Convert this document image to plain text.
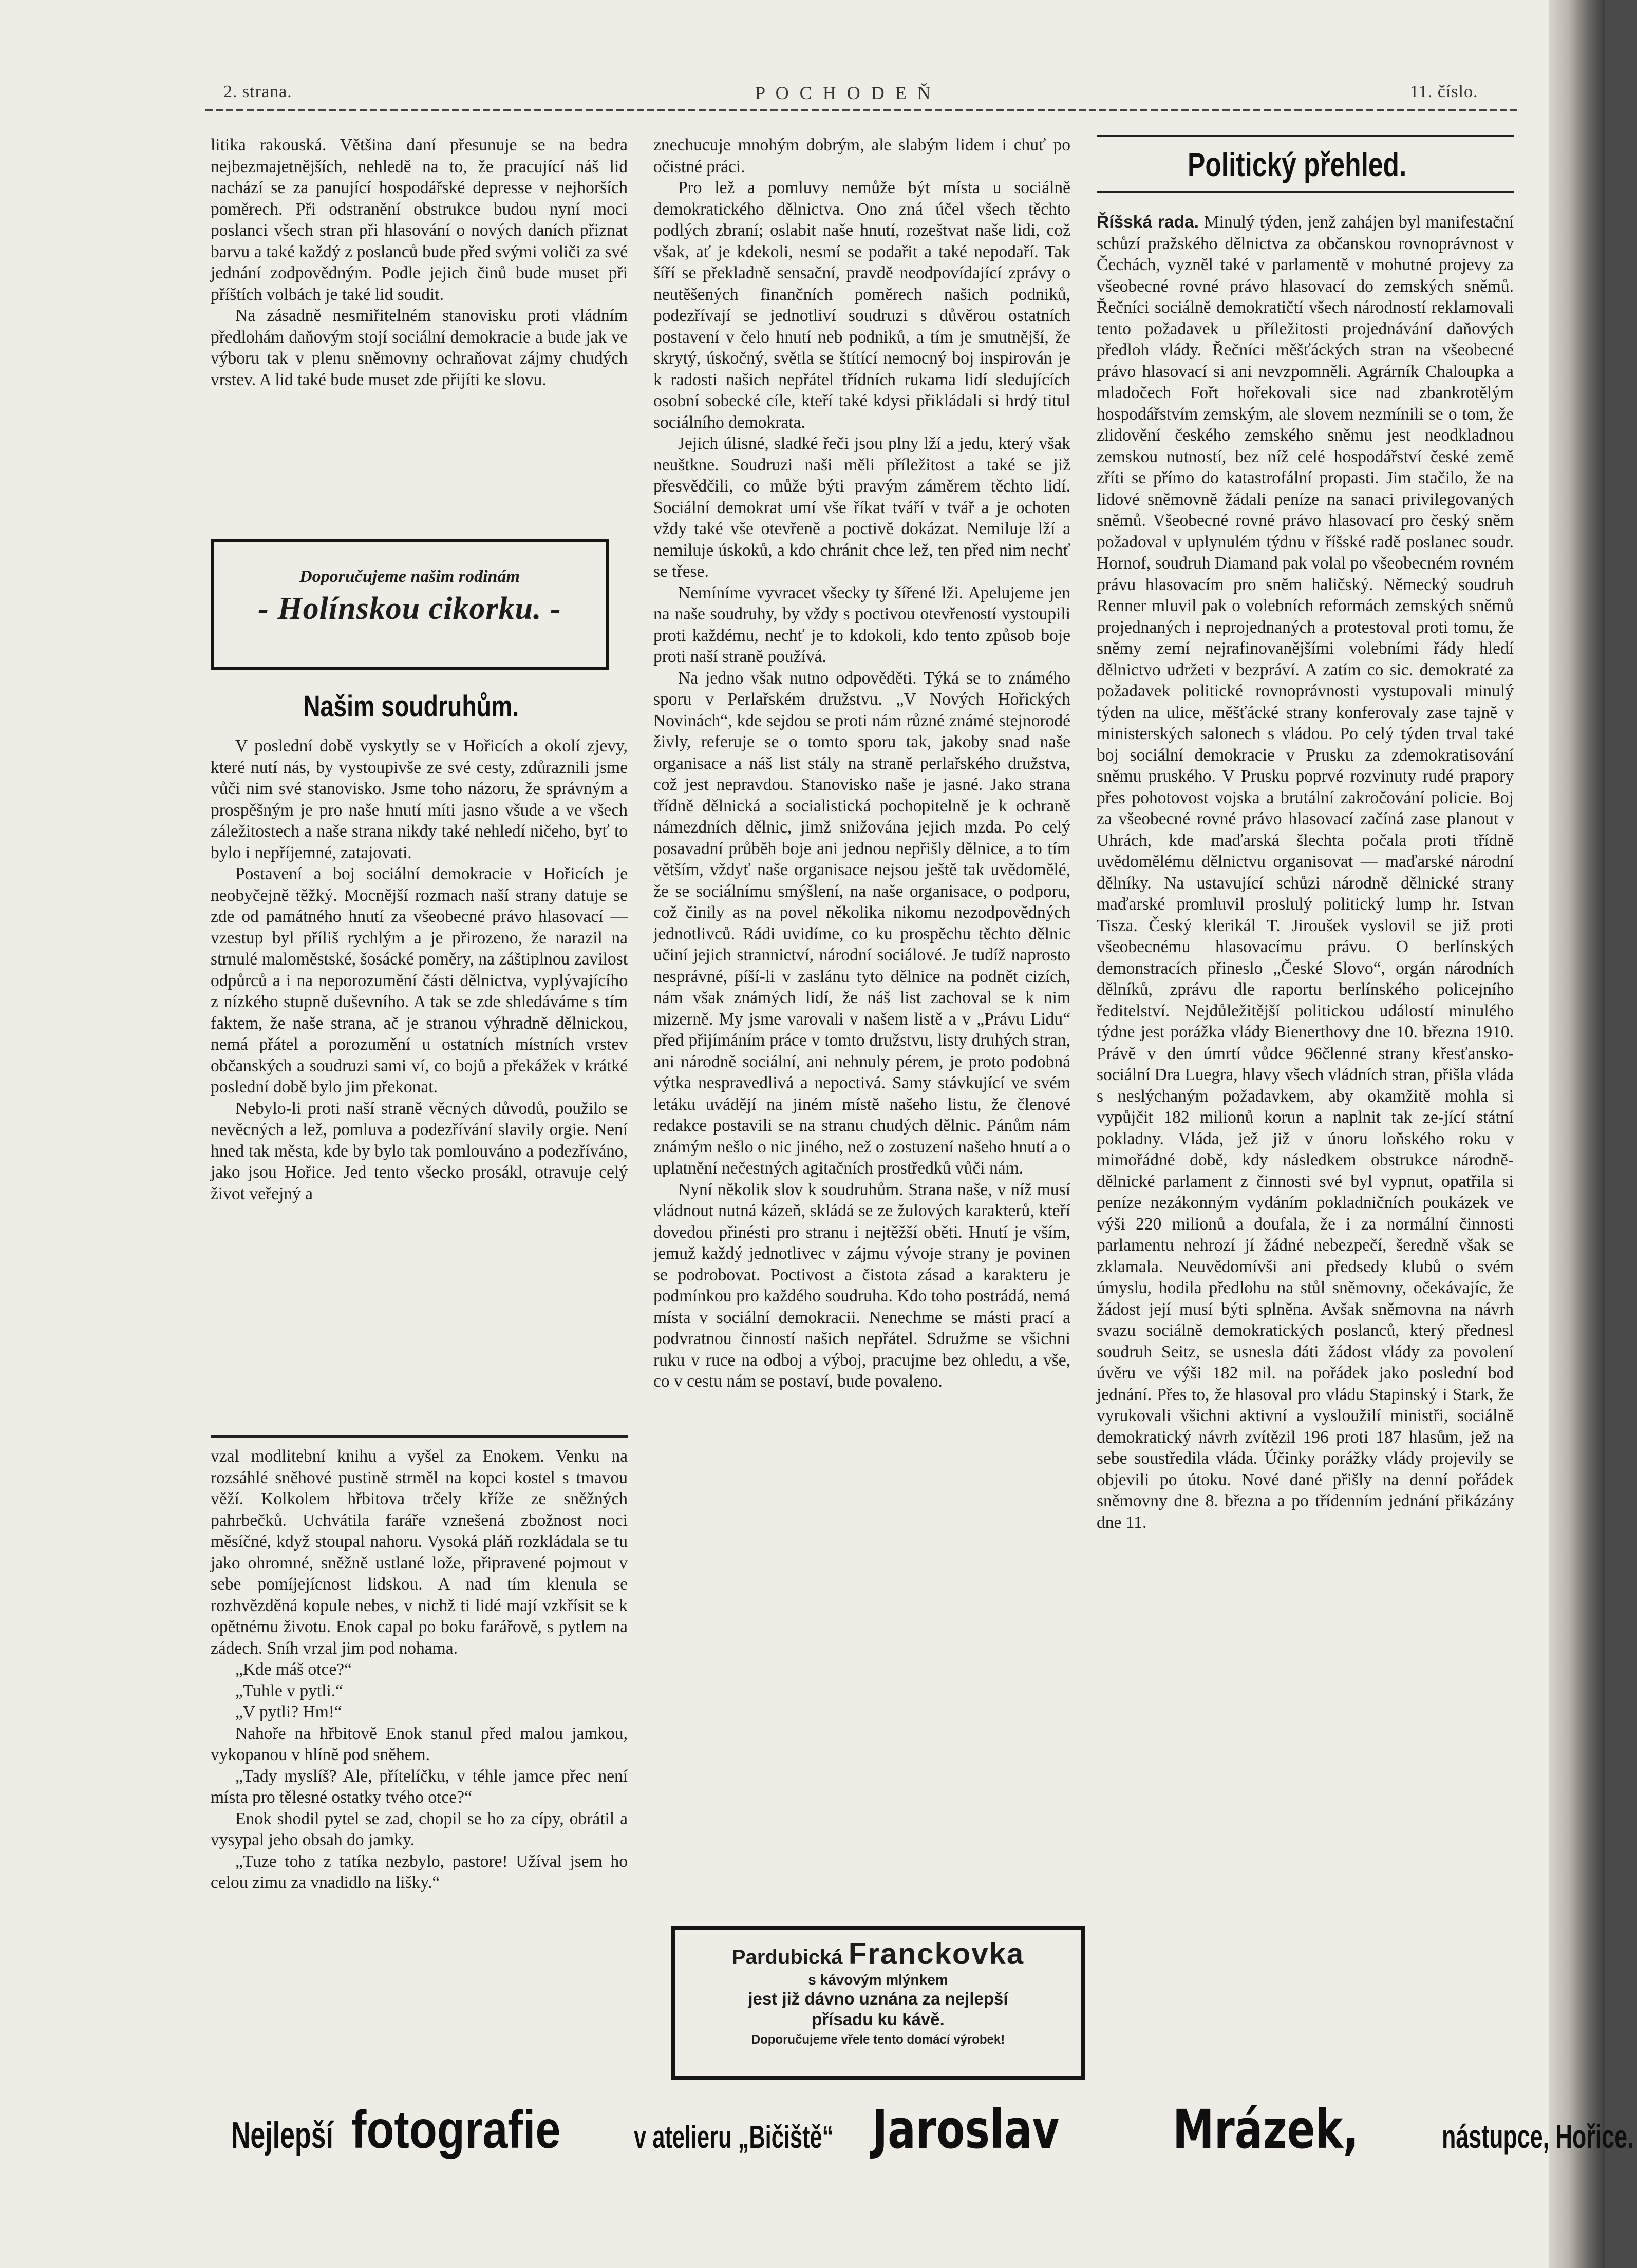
2. strana.	P O C H O D E Ň	11. číslo.

litika rakouská. Většina daní přesunuje se na bedra nejbezmajetnějších, nehledě na to, že pracující náš lid nachází se za panující hospodářské depresse v nejhorších poměrech. Při odstranění obstrukce budou nyní moci poslanci všech stran při hlasování o nových daních přiznat barvu a také každý z poslanců bude před svými voliči za své jednání zodpovědným. Podle jejich činů bude muset při příštích volbách je také lid soudit.

Na zásadně nesmiřitelném stanovisku proti vládním předlohám daňovým stojí sociální demokracie a bude jak ve výboru tak v plenu sněmovny ochraňovat zájmy chudých vrstev. A lid také bude muset zde přijíti ke slovu.

Doporučujeme našim rodinám
- Holínskou cikorku. -
Našim soudruhům.

V poslední době vyskytly se v Hořicích a okolí zjevy, které nutí nás, by vystoupivše ze své cesty, zdůraznili jsme vůči nim své stanovisko. Jsme toho názoru, že správným a prospěšným je pro naše hnutí míti jasno všude a ve všech záležitostech a naše strana nikdy také nehledí ničeho, byť to bylo i nepříjemné, zatajovati.

Postavení a boj sociální demokracie v Hořicích je neobyčejně těžký. Mocnější rozmach naší strany datuje se zde od památného hnutí za všeobecné právo hlasovací — vzestup byl příliš rychlým a je přirozeno, že narazil na strnulé maloměstské, šosácké poměry, na záštiplnou zavilost odpůrců a i na neporozumění části dělnictva, vyplývajícího z nízkého stupně duševního. A tak se zde shledáváme s tím faktem, že naše strana, ač je stranou výhradně dělnickou, nemá přátel a porozumění u ostatních místních vrstev občanských a soudruzi sami ví, co bojů a překážek v krátké poslední době bylo jim překonat.

Nebylo-li proti naší straně věcných důvodů, použilo se nevěcných a lež, pomluva a podezřívání slavily orgie. Není hned tak města, kde by bylo tak pomlouváno a podezříváno, jako jsou Hořice. Jed tento všecko prosákl, otravuje celý život veřejný a

vzal modlitební knihu a vyšel za Enokem. Venku na rozsáhlé sněhové pustině strměl na kopci kostel s tmavou věží. Kolkolem hřbitova trčely kříže ze sněžných pahrbečků. Uchvátila faráře vznešená zbožnost noci měsíčné, když stoupal nahoru. Vysoká pláň rozkládala se tu jako ohromné, sněžně ustlané lože, připravené pojmout v sebe pomíjejícnost lidskou. A nad tím klenula se rozhvězděná kopule nebes, v nichž ti lidé mají vzkřísit se k opětnému životu. Enok capal po boku farářově, s pytlem na zádech. Sníh vrzal jim pod nohama.

„Kde máš otce?“

„Tuhle v pytli.“

„V pytli? Hm!“

Nahoře na hřbitově Enok stanul před malou jamkou, vykopanou v hlíně pod sněhem.

„Tady myslíš? Ale, přítelíčku, v téhle jamce přec není místa pro tělesné ostatky tvého otce?“

Enok shodil pytel se zad, chopil se ho za cípy, obrátil a vysypal jeho obsah do jamky.

„Tuze toho z tatíka nezbylo, pastore! Užíval jsem ho celou zimu za vnadidlo na lišky.“

znechucuje mnohým dobrým, ale slabým lidem i chuť po očistné práci.

Pro lež a pomluvy nemůže být místa u sociálně demokratického dělnictva. Ono zná účel všech těchto podlých zbraní; oslabit naše hnutí, rozeštvat naše lidi, což však, ať je kdekoli, nesmí se podařit a také nepodaří. Tak šíří se překladně sensační, pravdě neodpovídající zprávy o neutěšených finančních poměrech našich podniků, podezřívají se jednotliví soudruzi s důvěrou ostatních postavení v čelo hnutí neb podniků, a tím je smutnější, že skrytý, úskočný, světla se štítící nemocný boj inspirován je k radosti našich nepřátel třídních rukama lidí sledujících osobní sobecké cíle, kteří také kdysi přikládali si hrdý titul sociálního demokrata.

Jejich úlisné, sladké řeči jsou plny lží a jedu, který však neuštkne. Soudruzi naši měli příležitost a také se již přesvědčili, co může býti pravým záměrem těchto lidí. Sociální demokrat umí vše říkat tváří v tvář a je ochoten vždy také vše otevřeně a poctivě dokázat. Nemiluje lží a nemiluje úskoků, a kdo chránit chce lež, ten před nim nechť se třese.

Nemíníme vyvracet všecky ty šířené lži. Apelujeme jen na naše soudruhy, by vždy s poctivou otevřeností vystoupili proti každému, nechť je to kdokoli, kdo tento způsob boje proti naší straně používá.

Na jedno však nutno odpověděti. Týká se to známého sporu v Perlařském družstvu. „V Nových Hořických Novinách“, kde sejdou se proti nám různé známé stejnorodé živly, referuje se o tomto sporu tak, jakoby snad naše organisace a náš list stály na straně perlařského družstva, což jest nepravdou. Stanovisko naše je jasné. Jako strana třídně dělnická a socialistická pochopitelně je k ochraně námezdních dělnic, jimž snižována jejich mzda. Po celý posavadní průběh boje ani jednou nepřišly dělnice, a to tím větším, vždyť naše organisace nejsou ještě tak uvědomělé, že se sociálnímu smýšlení, na naše organisace, o podporu, což činily as na povel několika nikomu nezodpovědných jednotlivců. Rádi uvidíme, co ku prospěchu těchto dělnic učiní jejich strannictví, národní sociálové. Je tudíž naprosto nesprávné, píší-li v zaslánu tyto dělnice na podnět cizích, nám však známých lidí, že náš list zachoval se k nim mizerně. My jsme varovali v našem listě a v „Právu Lidu“ před přijímáním práce v tomto družstvu, listy druhých stran, ani národně sociální, ani nehnuly pérem, je proto podobná výtka nespravedlivá a nepoctivá. Samy stávkující ve svém letáku uvádějí na jiném místě našeho listu, že členové redakce postavili se na stranu chudých dělnic. Pánům nám známým nešlo o nic jiného, než o zostuzení našeho hnutí a o uplatnění nečestných agitačních prostředků vůči nám.

Nyní několik slov k soudruhům. Strana naše, v níž musí vládnout nutná kázeň, skládá se ze žulových karakterů, kteří dovedou přinésti pro stranu i nejtěžší oběti. Hnutí je vším, jemuž každý jednotlivec v zájmu vývoje strany je povinen se podrobovat. Poctivost a čistota zásad a karakteru je podmínkou pro každého soudruha. Kdo toho postrádá, nemá místa v sociální demokracii. Nenechme se másti prací a podvratnou činností našich nepřátel. Sdružme se všichni ruku v ruce na odboj a výboj, pracujme bez ohledu, a vše, co v cestu nám se postaví, bude povaleno.

Pardubická Franckovka
s kávovým mlýnkem
jest již dávno uznána za nejlepší
přísadu ku kávě.
Doporučujeme vřele tento domácí výrobek!
Politický přehled.

Říšská rada. Minulý týden, jenž zahájen byl manifestační schůzí pražského dělnictva za občanskou rovnoprávnost v Čechách, vyzněl také v parlamentě v mohutné projevy za všeobecné rovné právo hlasovací do zemských sněmů. Řečníci sociálně demokratičtí všech národností reklamovali tento požadavek u příležitosti projednávání daňových předloh vlády. Řečníci měšťáckých stran na všeobecné právo hlasovací si ani nevzpomněli. Agrárník Chaloupka a mladočech Fořt hořekovali sice nad zbankrotělým hospodářstvím zemským, ale slovem nezmínili se o tom, že zlidovění českého zemského sněmu jest neodkladnou zemskou nutností, bez níž celé hospodářství české země zříti se přímo do katastrofální propasti. Jim stačilo, že na lidové sněmovně žádali peníze na sanaci privilegovaných sněmů. Všeobecné rovné právo hlasovací pro český sněm požadoval v uplynulém týdnu v říšské radě poslanec soudr. Hornof, soudruh Diamand pak volal po všeobecném rovném právu hlasovacím pro sněm haličský. Německý soudruh Renner mluvil pak o volebních reformách zemských sněmů projednaných i neprojednaných a protestoval proti tomu, že sněmy zemí nejrafinovanějšími volebními řády hledí dělnictvo udržeti v bezpráví. A zatím co sic. demokraté za požadavek politické rovnoprávnosti vystupovali minulý týden na ulice, měšťácké strany konferovaly zase tajně v ministerských salonech s vládou. Po celý týden trval také boj sociální demokracie v Prusku za zdemokratisování sněmu pruského. V Prusku poprvé rozvinuty rudé prapory přes pohotovost vojska a brutální zakročování policie. Boj za všeobecné rovné právo hlasovací začíná zase planout v Uhrách, kde maďarská šlechta počala proti třídně uvědomělému dělnictvu organisovat — maďarské národní dělníky. Na ustavující schůzi národně dělnické strany maďarské promluvil proslulý politický lump hr. Istvan Tisza. Český klerikál T. Jiroušek vyslovil se již proti všeobecnému hlasovacímu právu. O berlínských demonstracích přineslo „České Slovo“, orgán národních dělníků, zprávu dle raportu berlínského policejního ředitelství. Nejdůležitější politickou událostí minulého týdne jest porážka vlády Bienerthovy dne 10. března 1910. Právě v den úmrtí vůdce 96členné strany křesťansko-sociální Dra Luegra, hlavy všech vládních stran, přišla vláda s neslýchaným požadavkem, aby okamžitě mohla si vypůjčit 182 milionů korun a naplnit tak ze-jící státní pokladny. Vláda, jež již v únoru loňského roku v mimořádné době, kdy následkem obstrukce národně-dělnické parlament z činnosti své byl vypnut, opatřila si peníze nezákonným vydáním pokladničních poukázek ve výši 220 milionů a doufala, že i za normální činnosti parlamentu nehrozí jí žádné nebezpečí, šeredně však se zklamala. Neuvědomívši ani předsedy klubů o svém úmyslu, hodila předlohu na stůl sněmovny, očekávajíc, že žádost její musí býti splněna. Avšak sněmovna na návrh svazu sociálně demokratických poslanců, který přednesl soudruh Seitz, se usnesla dáti žádost vlády za povolení úvěru ve výši 182 mil. na pořádek jako poslední bod jednání. Přes to, že hlasoval pro vládu Stapinský i Stark, že vyrukovali všichni aktivní a vysloužilí ministři, sociálně demokratický návrh zvítězil 196 proti 187 hlasům, jež na sebe soustředila vláda. Účinky porážky vlády projevily se objevili po útoku. Nové dané přišly na denní pořádek sněmovny dne 8. března a po třídenním jednání přikázány dne 11.

Nejlepší fotografie v atelieru „Bičiště“ Jaroslav Mrázek,	nástupce, Hořice.
